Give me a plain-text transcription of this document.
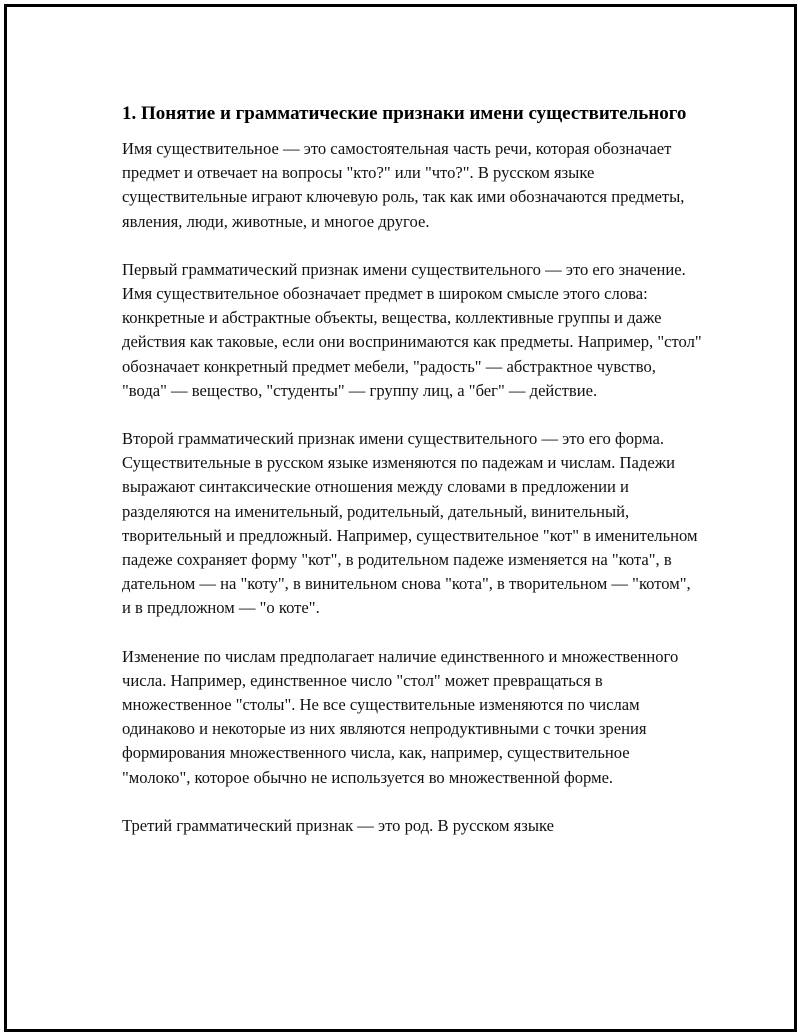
1. Понятие и грамматические признаки имени существительного

Имя существительное — это самостоятельная часть речи, которая обозначает предмет и отвечает на вопросы "кто?" или "что?". В русском языке существительные играют ключевую роль, так как ими обозначаются предметы, явления, люди, животные, и многое другое.

Первый грамматический признак имени существительного — это его значение. Имя существительное обозначает предмет в широком смысле этого слова: конкретные и абстрактные объекты, вещества, коллективные группы и даже действия как таковые, если они воспринимаются как предметы. Например, "стол" обозначает конкретный предмет мебели, "радость" — абстрактное чувство, "вода" — вещество, "студенты" — группу лиц, а "бег" — действие.

Второй грамматический признак имени существительного — это его форма. Существительные в русском языке изменяются по падежам и числам. Падежи выражают синтаксические отношения между словами в предложении и разделяются на именительный, родительный, дательный, винительный, творительный и предложный. Например, существительное "кот" в именительном падеже сохраняет форму "кот", в родительном падеже изменяется на "кота", в дательном — на "коту", в винительном снова "кота", в творительном — "котом", и в предложном — "о коте".

Изменение по числам предполагает наличие единственного и множественного числа. Например, единственное число "стол" может превращаться в множественное "столы". Не все существительные изменяются по числам одинаково и некоторые из них являются непродуктивными с точки зрения формирования множественного числа, как, например, существительное "молоко", которое обычно не используется во множественной форме.

Третий грамматический признак — это род. В русском языке
